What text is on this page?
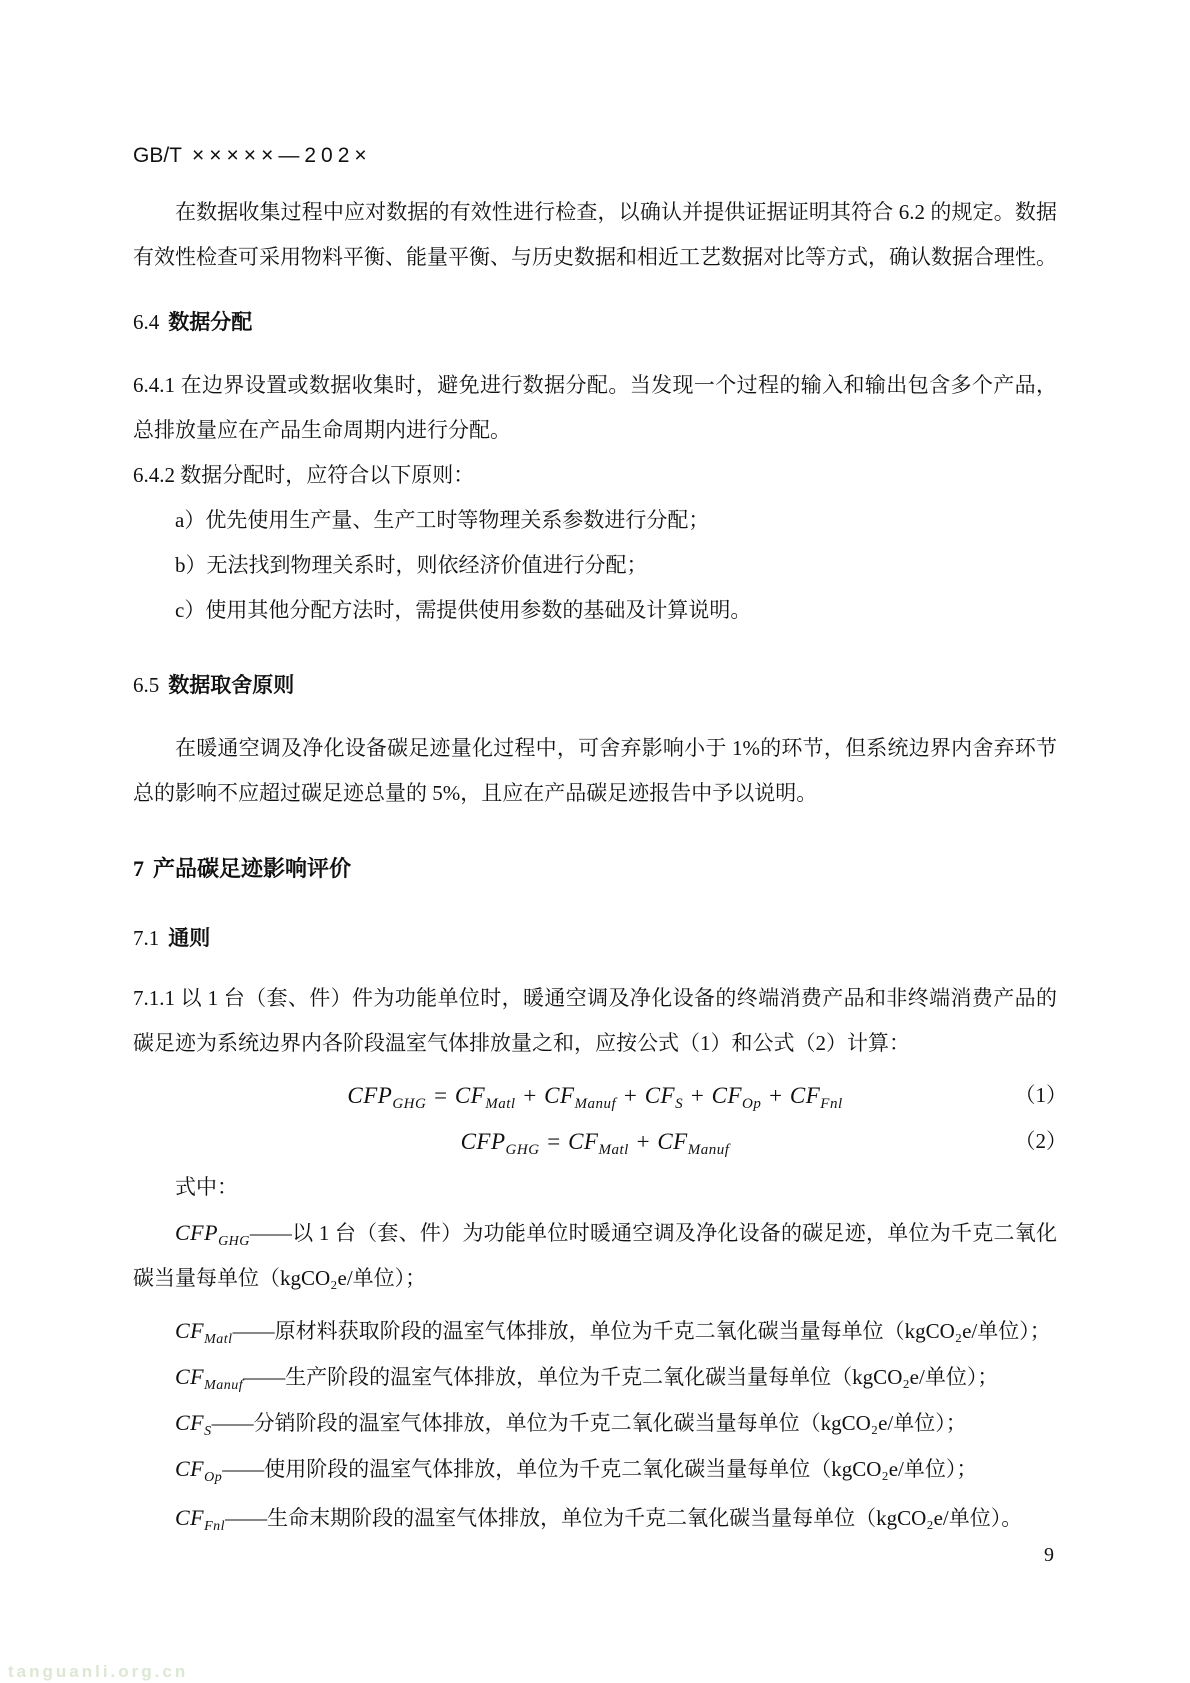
GB/T ×××××—202×

在数据收集过程中应对数据的有效性进行检查，以确认并提供证据证明其符合 6.2 的规定。数据有效性检查可采用物料平衡、能量平衡、与历史数据和相近工艺数据对比等方式，确认数据合理性。

6.4 数据分配

6.4.1 在边界设置或数据收集时，避免进行数据分配。当发现一个过程的输入和输出包含多个产品，总排放量应在产品生命周期内进行分配。

6.4.2 数据分配时，应符合以下原则：

a）优先使用生产量、生产工时等物理关系参数进行分配；

b）无法找到物理关系时，则依经济价值进行分配；

c）使用其他分配方法时，需提供使用参数的基础及计算说明。

6.5 数据取舍原则

在暖通空调及净化设备碳足迹量化过程中，可舍弃影响小于 1%的环节，但系统边界内舍弃环节总的影响不应超过碳足迹总量的 5%，且应在产品碳足迹报告中予以说明。

7 产品碳足迹影响评价
7.1 通则

7.1.1 以 1 台（套、件）件为功能单位时，暖通空调及净化设备的终端消费产品和非终端消费产品的碳足迹为系统边界内各阶段温室气体排放量之和，应按公式（1）和公式（2）计算：

$CFP_{GHG} = CF_{Matl} + CF_{Manuf} + CF_S + CF_{Op} + CF_{Fnl}$	（1）
$CFP_{GHG} = CF_{Matl} + CF_{Manuf}$	（2）

式中：

$CFP_{GHG}——$以 1 台（套、件）为功能单位时暖通空调及净化设备的碳足迹，单位为千克二氧化碳当量每单位（kgCO₂e/单位）；

$CF_{Matl}——$原材料获取阶段的温室气体排放，单位为千克二氧化碳当量每单位（kgCO₂e/单位）；

$CF_{Manuf}——$生产阶段的温室气体排放，单位为千克二氧化碳当量每单位（kgCO₂e/单位）；

$CF_S——$分销阶段的温室气体排放，单位为千克二氧化碳当量每单位（kgCO₂e/单位）；

$CF_{Op}——$使用阶段的温室气体排放，单位为千克二氧化碳当量每单位（kgCO₂e/单位）；

$CF_{Fnl}——$生命末期阶段的温室气体排放，单位为千克二氧化碳当量每单位（kgCO₂e/单位）。

9
tanguanli.org.cn
